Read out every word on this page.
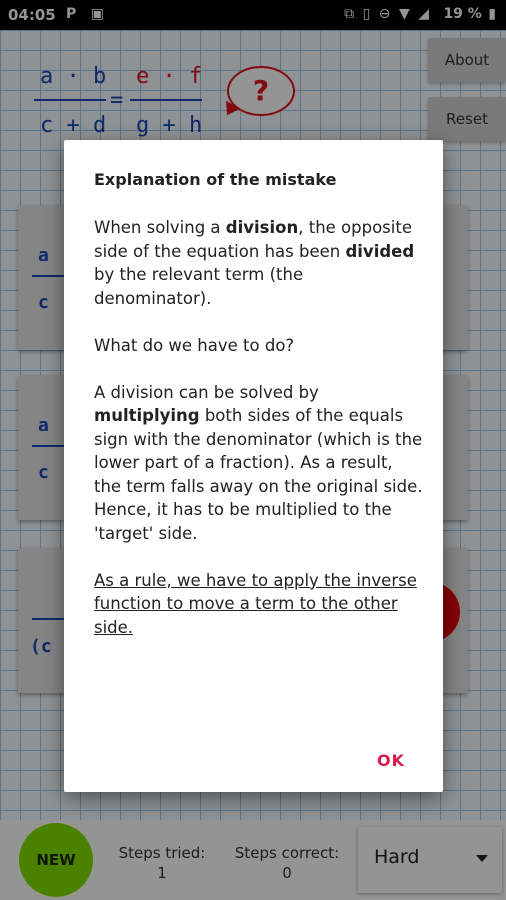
04:05 P ▣	⧉ ▯ ⊖ ▼ ◢ 19 % ▮
a · b
c + d
=
e · f
g + h
?
About
Reset
a
c
a
c
(c
NEW	Steps tried:
1
Steps correct:
0
Hard
Explanation of the mistake

When solving a division, the opposite side of the equation has been divided by the relevant term (the denominator).

What do we have to do?

A division can be solved by multiplying both sides of the equals sign with the denominator (which is the lower part of a fraction). As a result, the term falls away on the original side. Hence, it has to be multiplied to the 'target' side.

As a rule, we have to apply the inverse function to move a term to the other side.

OK
